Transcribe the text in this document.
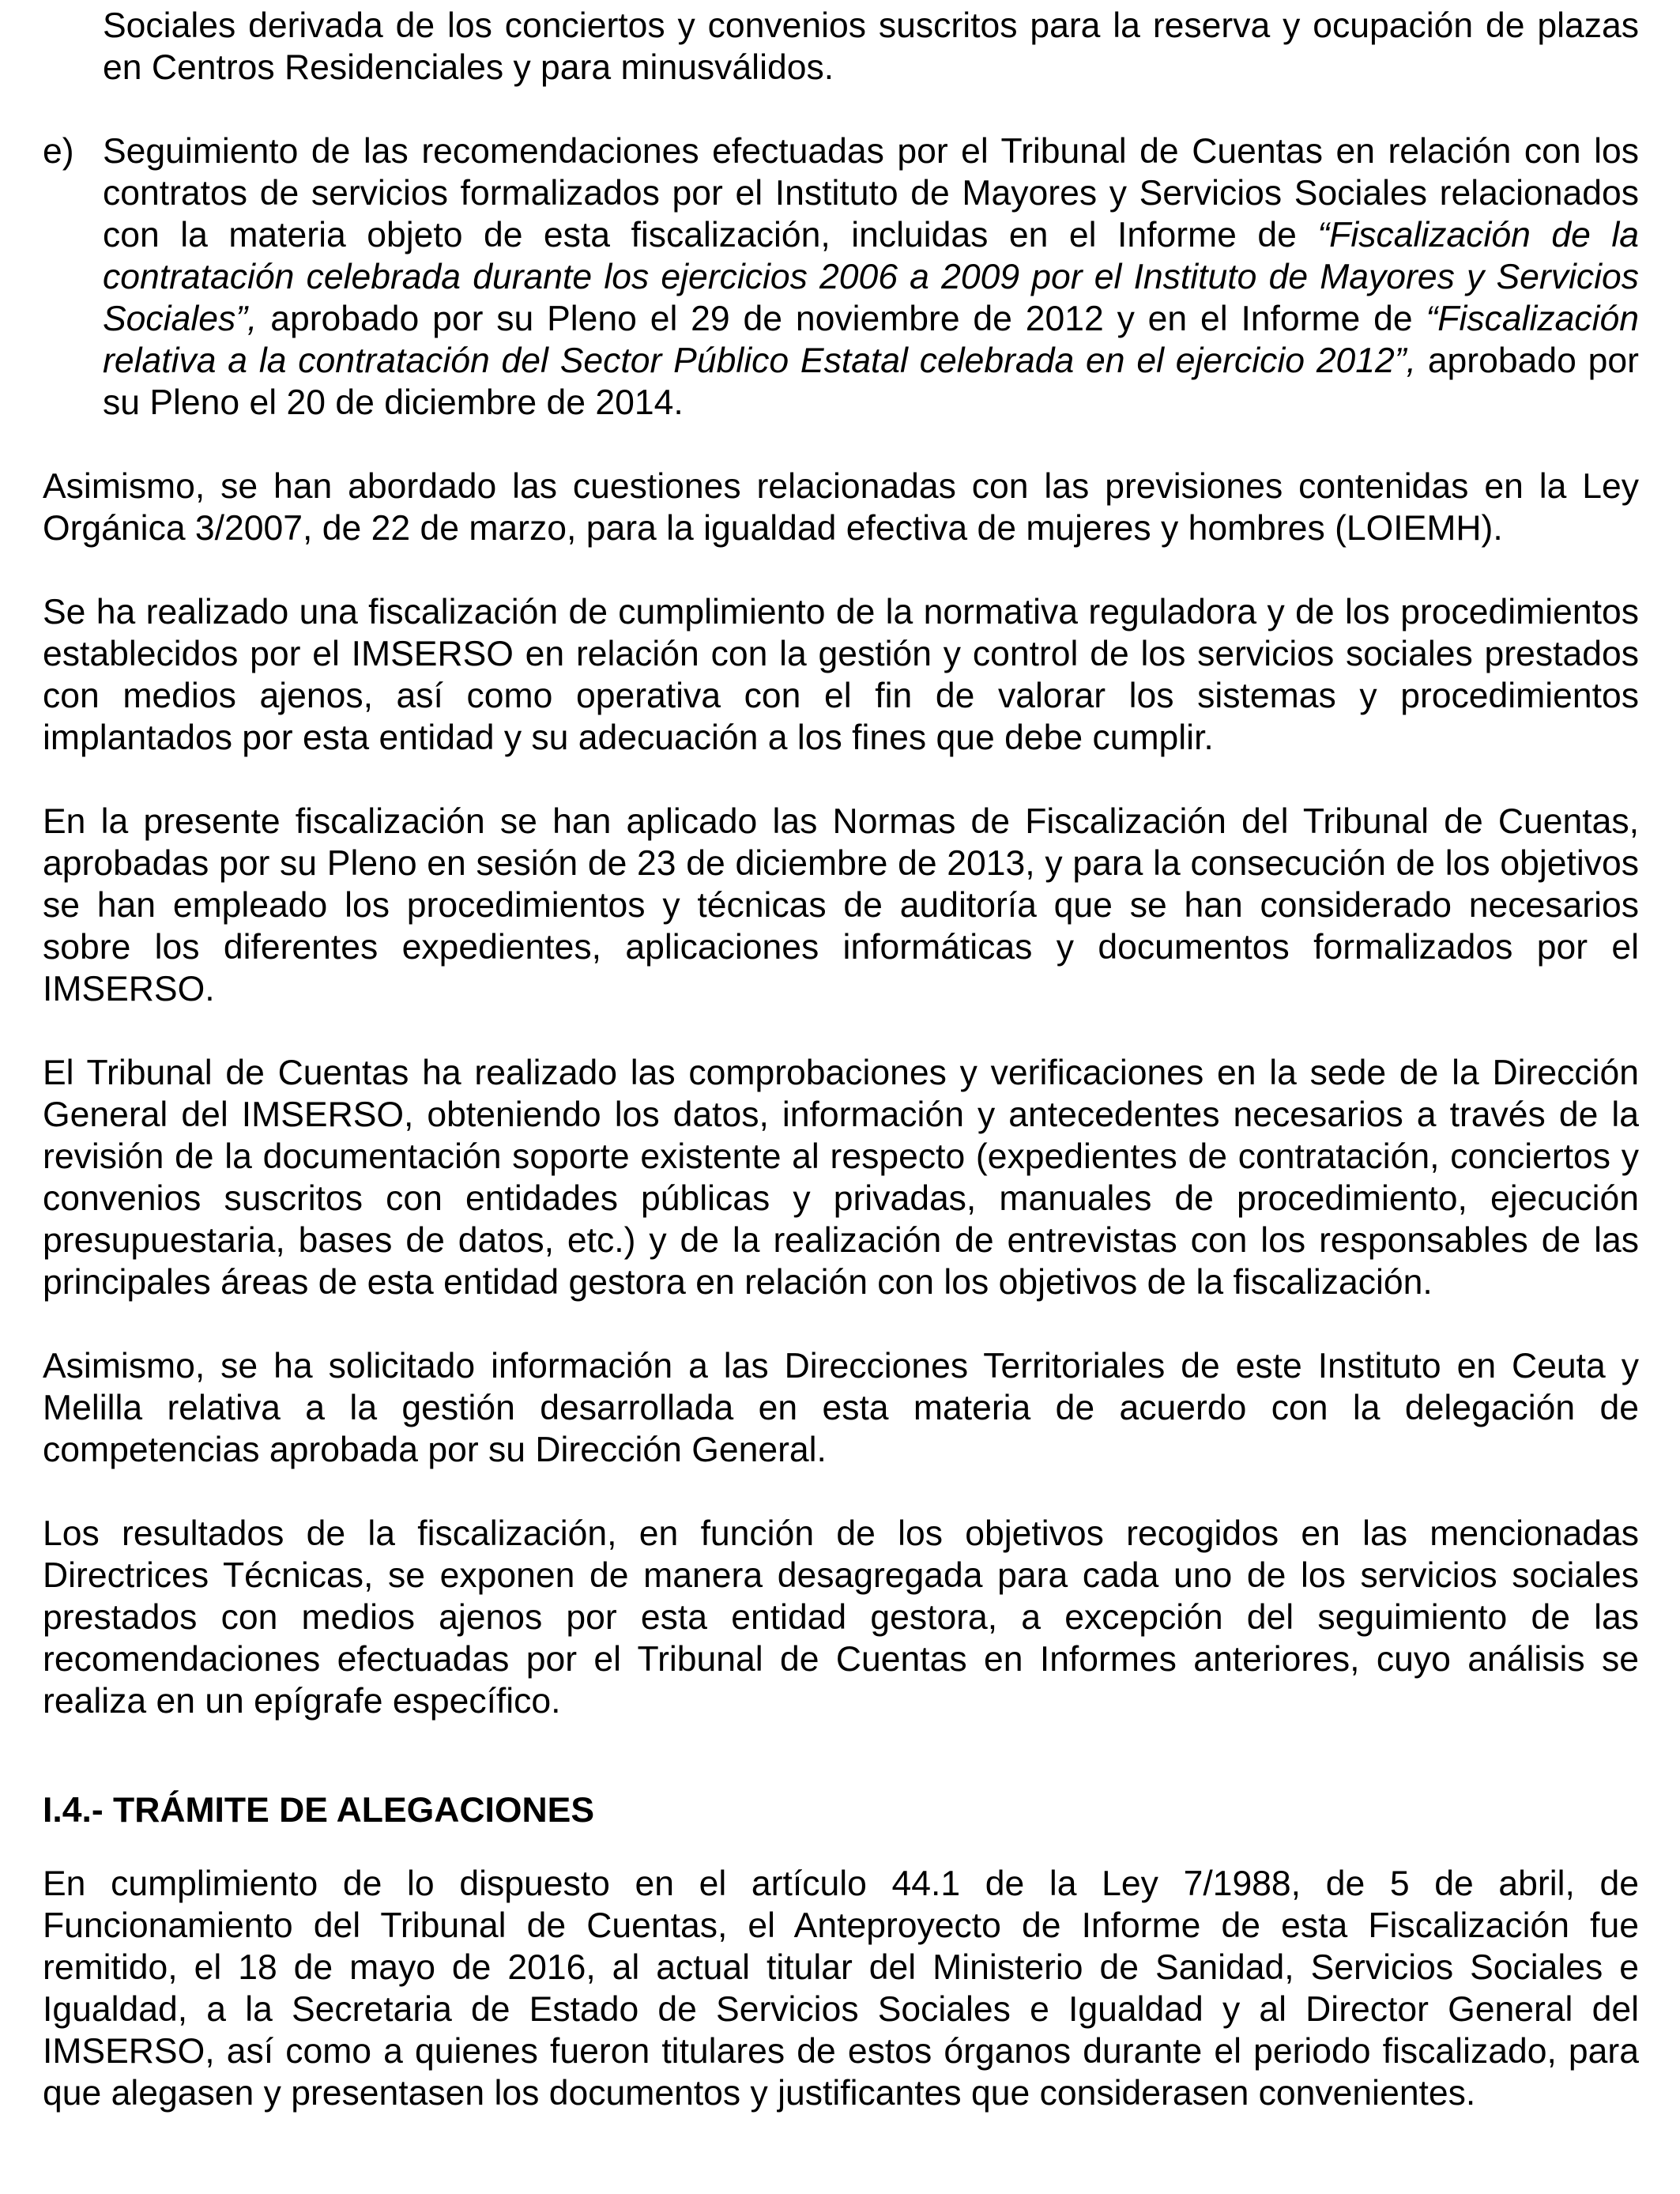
Sociales derivada de los conciertos y convenios suscritos para la reserva y ocupación de plazas en Centros Residenciales y para minusválidos.

e) Seguimiento de las recomendaciones efectuadas por el Tribunal de Cuentas en relación con los contratos de servicios formalizados por el Instituto de Mayores y Servicios Sociales relacionados con la materia objeto de esta fiscalización, incluidas en el Informe de “Fiscalización de la contratación celebrada durante los ejercicios 2006 a 2009 por el Instituto de Mayores y Servicios Sociales”, aprobado por su Pleno el 29 de noviembre de 2012 y en el Informe de “Fiscalización relativa a la contratación del Sector Público Estatal celebrada en el ejercicio 2012”, aprobado por su Pleno el 20 de diciembre de 2014.

Asimismo, se han abordado las cuestiones relacionadas con las previsiones contenidas en la Ley Orgánica 3/2007, de 22 de marzo, para la igualdad efectiva de mujeres y hombres (LOIEMH).

Se ha realizado una fiscalización de cumplimiento de la normativa reguladora y de los procedimientos establecidos por el IMSERSO en relación con la gestión y control de los servicios sociales prestados con medios ajenos, así como operativa con el fin de valorar los sistemas y procedimientos implantados por esta entidad y su adecuación a los fines que debe cumplir.

En la presente fiscalización se han aplicado las Normas de Fiscalización del Tribunal de Cuentas, aprobadas por su Pleno en sesión de 23 de diciembre de 2013, y para la consecución de los objetivos se han empleado los procedimientos y técnicas de auditoría que se han considerado necesarios sobre los diferentes expedientes, aplicaciones informáticas y documentos formalizados por el IMSERSO.

El Tribunal de Cuentas ha realizado las comprobaciones y verificaciones en la sede de la Dirección General del IMSERSO, obteniendo los datos, información y antecedentes necesarios a través de la revisión de la documentación soporte existente al respecto (expedientes de contratación, conciertos y convenios suscritos con entidades públicas y privadas, manuales de procedimiento, ejecución presupuestaria, bases de datos, etc.) y de la realización de entrevistas con los responsables de las principales áreas de esta entidad gestora en relación con los objetivos de la fiscalización.

Asimismo, se ha solicitado información a las Direcciones Territoriales de este Instituto en Ceuta y Melilla relativa a la gestión desarrollada en esta materia de acuerdo con la delegación de competencias aprobada por su Dirección General.

Los resultados de la fiscalización, en función de los objetivos recogidos en las mencionadas Directrices Técnicas, se exponen de manera desagregada para cada uno de los servicios sociales prestados con medios ajenos por esta entidad gestora, a excepción del seguimiento de las recomendaciones efectuadas por el Tribunal de Cuentas en Informes anteriores, cuyo análisis se realiza en un epígrafe específico.

I.4.- TRÁMITE DE ALEGACIONES

En cumplimiento de lo dispuesto en el artículo 44.1 de la Ley 7/1988, de 5 de abril, de Funcionamiento del Tribunal de Cuentas, el Anteproyecto de Informe de esta Fiscalización fue remitido, el 18 de mayo de 2016, al actual titular del Ministerio de Sanidad, Servicios Sociales e Igualdad, a la Secretaria de Estado de Servicios Sociales e Igualdad y al Director General del IMSERSO, así como a quienes fueron titulares de estos órganos durante el periodo fiscalizado, para que alegasen y presentasen los documentos y justificantes que considerasen convenientes.
